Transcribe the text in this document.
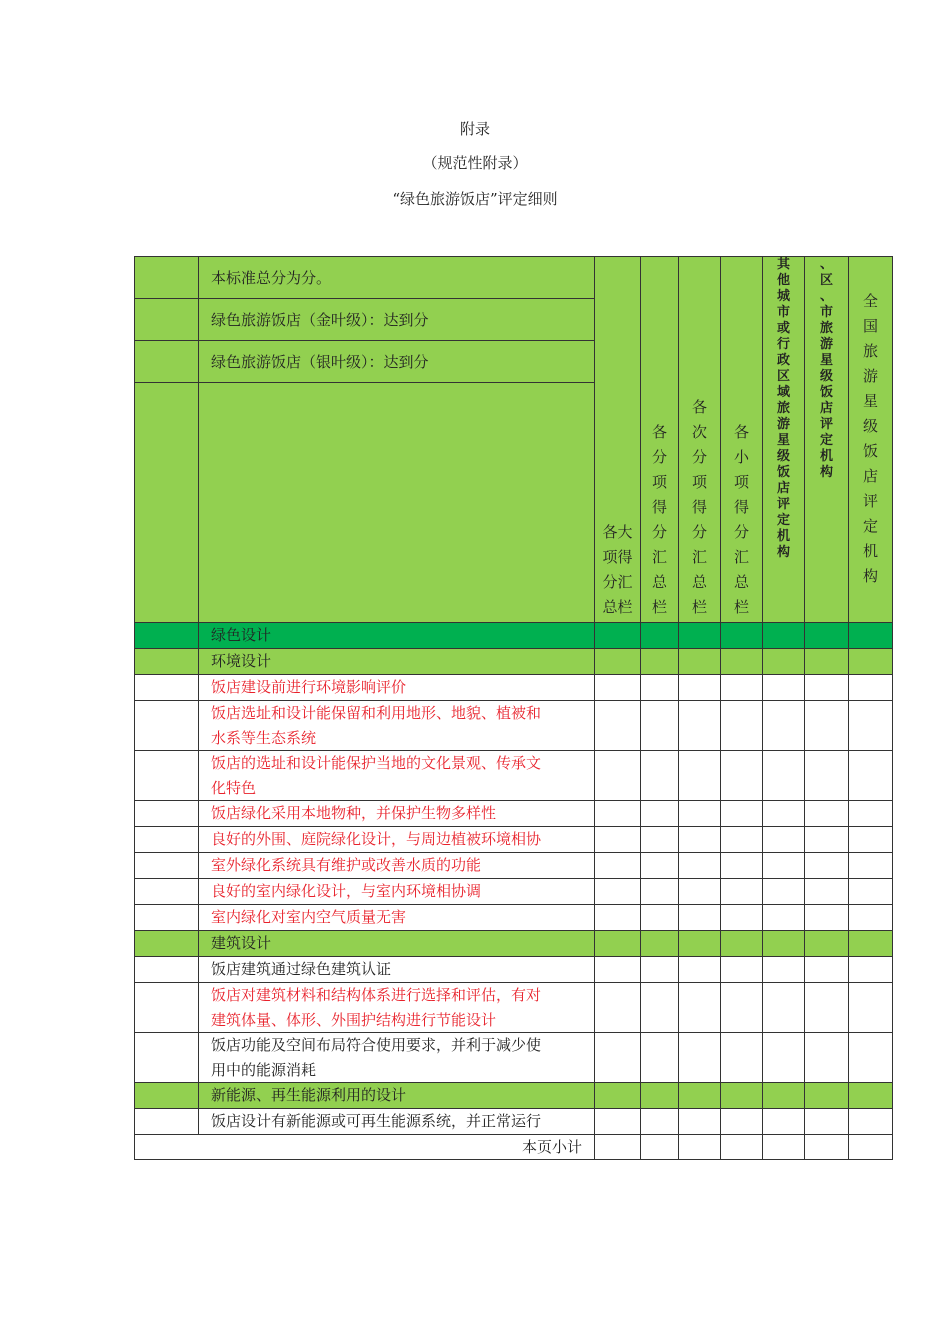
附录
（规范性附录）
“绿色旅游饭店”评定细则
本标准总分为分。
绿色旅游饭店（金叶级）：达到分
绿色旅游饭店（银叶级）：达到分
各大
项得
分汇
总栏
各
分
项
得
分
汇
总
栏
各
次
分
项
得
分
汇
总
栏
各
小
项
得
分
汇
总
栏
其
他
城
市
或
行
政
区
域
旅
游
星
级
饭
店
评
定
机
构
、
区
、
市
旅
游
星
级
饭
店
评
定
机
构
全
国
旅
游
星
级
饭
店
评
定
机
构
绿色设计
环境设计
饭店建设前进行环境影响评价
饭店选址和设计能保留和利用地形、地貌、植被和
水系等生态系统
饭店的选址和设计能保护当地的文化景观、传承文
化特色
饭店绿化采用本地物种，并保护生物多样性
良好的外围、庭院绿化设计，与周边植被环境相协
室外绿化系统具有维护或改善水质的功能
良好的室内绿化设计，与室内环境相协调
室内绿化对室内空气质量无害
建筑设计
饭店建筑通过绿色建筑认证
饭店对建筑材料和结构体系进行选择和评估，有对
建筑体量、体形、外围护结构进行节能设计
饭店功能及空间布局符合使用要求，并利于减少使
用中的能源消耗
新能源、再生能源利用的设计
饭店设计有新能源或可再生能源系统，并正常运行
本页小计
